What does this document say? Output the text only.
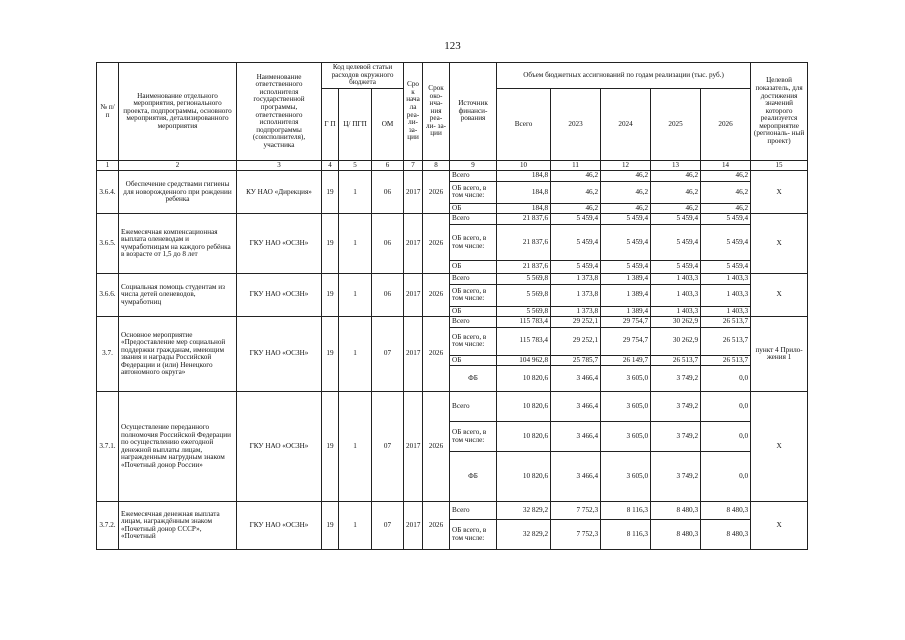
123
№ п/п	Наименование отдельного мероприятия, регионального проекта, подпрограммы, основного мероприятия, детализированного мероприятия	Наименование ответственного исполнителя государственной программы, ответственного исполнителя подпрограммы (соисполнителя), участника	Код целевой статьи расходов окружного бюджета			Срок нача ла реа- ли- за- ции	Срок око- нча- ния реа- ли- за- ции	Источник финанси- рования	Объем бюджетных ассигнований по годам реализации (тыс. руб.)					Целевой показатель, для достижения значений которого реализуется мероприятие (региональ- ный проект)
			Г П	Ц/ ПГП	ОМ				Всего	2023	2024	2025	2026	
1	2	3	4	5	6	7	8	9	10	11	12	13	14	15
3.6.4.	Обеспечение средствами гигиены для новорожденного при рождении ребенка	КУ НАО «Дирекция»	19	1	06	2017	2026	Всего	184,8	46,2	46,2	46,2	46,2	Х
								ОБ всего, в том числе:	184,8	46,2	46,2	46,2	46,2	
								ОБ	184,8	46,2	46,2	46,2	46,2	
3.6.5.	Ежемесячная компенсационная выплата оленеводам и чумработницам на каждого ребёнка в возрасте от 1,5 до 8 лет	ГКУ НАО «ОСЗН»	19	1	06	2017	2026	Всего	21 837,6	5 459,4	5 459,4	5 459,4	5 459,4	Х
								ОБ всего, в том числе:	21 837,6	5 459,4	5 459,4	5 459,4	5 459,4	
								ОБ	21 837,6	5 459,4	5 459,4	5 459,4	5 459,4	
3.6.6.	Социальная помощь студентам из числа детей оленеводов, чумработниц	ГКУ НАО «ОСЗН»	19	1	06	2017	2026	Всего	5 569,8	1 373,8	1 389,4	1 403,3	1 403,3	Х
								ОБ всего, в том числе:	5 569,8	1 373,8	1 389,4	1 403,3	1 403,3	
								ОБ	5 569,8	1 373,8	1 389,4	1 403,3	1 403,3	
3.7.	Основное мероприятие «Предоставление мер социальной поддержки гражданам, имеющим звания и награды Российской Федерации и (или) Ненецкого автономного округа»	ГКУ НАО «ОСЗН»	19	1	07	2017	2026	Всего	115 783,4	29 252,1	29 754,7	30 262,9	26 513,7	пункт 4 Прило- жения 1
								ОБ всего, в том числе:	115 783,4	29 252,1	29 754,7	30 262,9	26 513,7	
								ОБ	104 962,8	25 785,7	26 149,7	26 513,7	26 513,7	
								ФБ	10 820,6	3 466,4	3 605,0	3 749,2	0,0	
3.7.1.	Осуществление переданного полномочия Российской Федерации по осуществлению ежегодной денежной выплаты лицам, награжденным нагрудным знаком «Почетный донор России»	ГКУ НАО «ОСЗН»	19	1	07	2017	2026	Всего	10 820,6	3 466,4	3 605,0	3 749,2	0,0	Х
								ОБ всего, в том числе:	10 820,6	3 466,4	3 605,0	3 749,2	0,0	
								ФБ	10 820,6	3 466,4	3 605,0	3 749,2	0,0	
3.7.2.	Ежемесячная денежная выплата лицам, награждённым знаком «Почетный донор СССР», «Почетный	ГКУ НАО «ОСЗН»	19	1	07	2017	2026	Всего	32 829,2	7 752,3	8 116,3	8 480,3	8 480,3	Х
								ОБ всего, в том числе:	32 829,2	7 752,3	8 116,3	8 480,3	8 480,3	
